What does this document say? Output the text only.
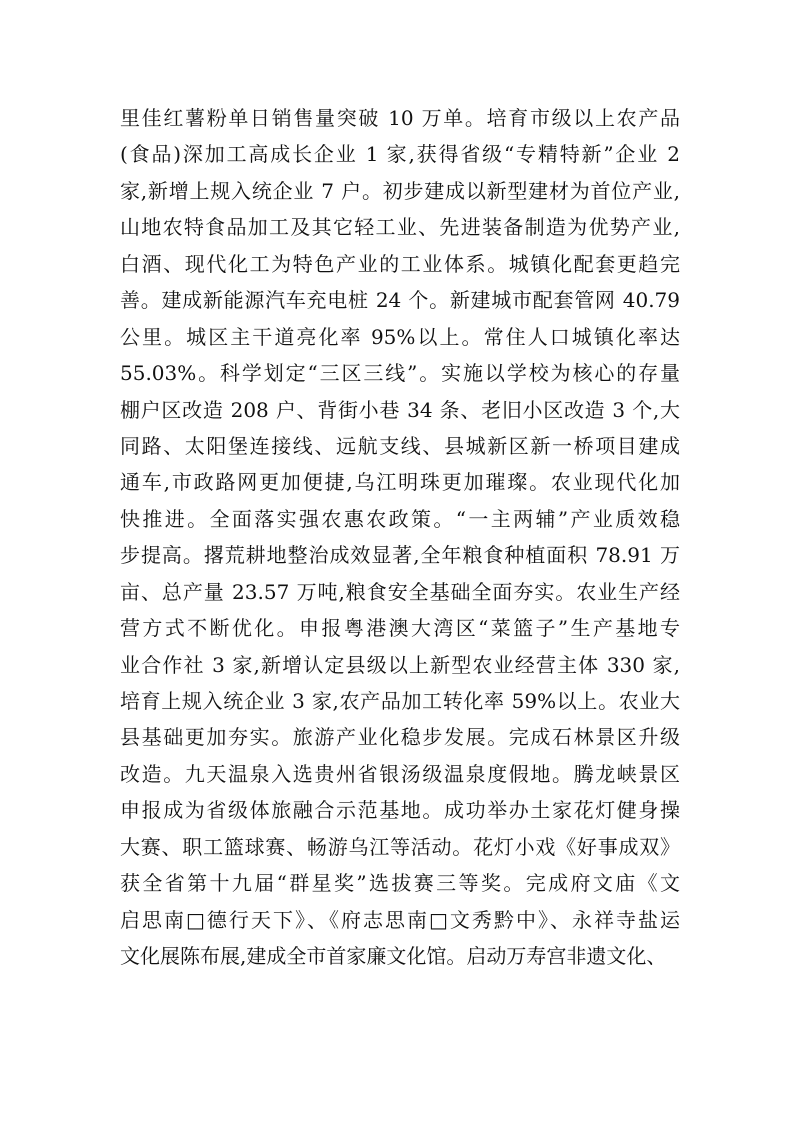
里佳红薯粉单日销售量突破 10 万单。培育市级以上农产品
(食品)深加工高成长企业 1 家,获得省级“专精特新”企业 2
家,新增上规入统企业 7 户。初步建成以新型建材为首位产业,
山地农特食品加工及其它轻工业、先进装备制造为优势产业,
白酒、现代化工为特色产业的工业体系。城镇化配套更趋完
善。建成新能源汽车充电桩 24 个。新建城市配套管网 40.79
公里。城区主干道亮化率 95%以上。常住人口城镇化率达
55.03%。科学划定“三区三线”。实施以学校为核心的存量
棚户区改造 208 户、背街小巷 34 条、老旧小区改造 3 个,大
同路、太阳堡连接线、远航支线、县城新区新一桥项目建成
通车,市政路网更加便捷,乌江明珠更加璀璨。农业现代化加
快推进。全面落实强农惠农政策。“一主两辅”产业质效稳
步提高。撂荒耕地整治成效显著,全年粮食种植面积 78.91 万
亩、总产量 23.57 万吨,粮食安全基础全面夯实。农业生产经
营方式不断优化。申报粤港澳大湾区“菜篮子”生产基地专
业合作社 3 家,新增认定县级以上新型农业经营主体 330 家,
培育上规入统企业 3 家,农产品加工转化率 59%以上。农业大
县基础更加夯实。旅游产业化稳步发展。完成石林景区升级
改造。九天温泉入选贵州省银汤级温泉度假地。腾龙峡景区
申报成为省级体旅融合示范基地。成功举办土家花灯健身操
大赛、职工篮球赛、畅游乌江等活动。花灯小戏《好事成双》
获全省第十九届“群星奖”选拔赛三等奖。完成府文庙《文
启思南□德行天下》、《府志思南□文秀黔中》、永祥寺盐运
文化展陈布展,建成全市首家廉文化馆。启动万寿宫非遗文化、
